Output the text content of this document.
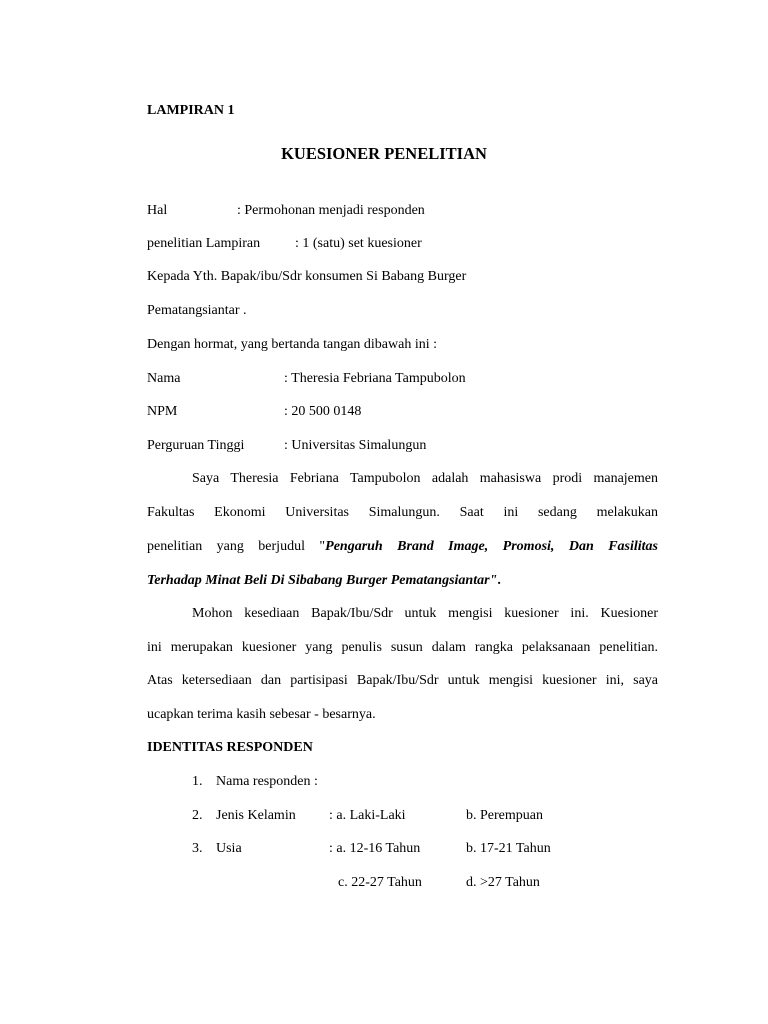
LAMPIRAN 1
KUESIONER PENELITIAN
Hal	: Permohonan menjadi responden
penelitian Lampiran : 1 (satu) set kuesioner
Kepada Yth. Bapak/ibu/Sdr konsumen Si Babang Burger
Pematangsiantar .
Dengan hormat, yang bertanda tangan dibawah ini :
Nama	: Theresia Febriana Tampubolon
NPM	: 20 500 0148
Perguruan Tinggi	: Universitas Simalungun
Saya Theresia Febriana Tampubolon adalah mahasiswa prodi manajemen
Fakultas Ekonomi Universitas Simalungun. Saat ini sedang melakukan
penelitian yang berjudul "Pengaruh Brand Image, Promosi, Dan Fasilitas
Terhadap Minat Beli Di Sibabang Burger Pematangsiantar".
Mohon kesediaan Bapak/Ibu/Sdr untuk mengisi kuesioner ini. Kuesioner
ini merupakan kuesioner yang penulis susun dalam rangka pelaksanaan penelitian.
Atas ketersediaan dan partisipasi Bapak/Ibu/Sdr untuk mengisi kuesioner ini, saya
ucapkan terima kasih sebesar - besarnya.
IDENTITAS RESPONDEN
1. Nama responden :
2. Jenis Kelamin : a. Laki-Laki	b. Perempuan
3. Usia	: a. 12-16 Tahun	b. 17-21 Tahun
c. 22-27 Tahun	d. >27 Tahun
